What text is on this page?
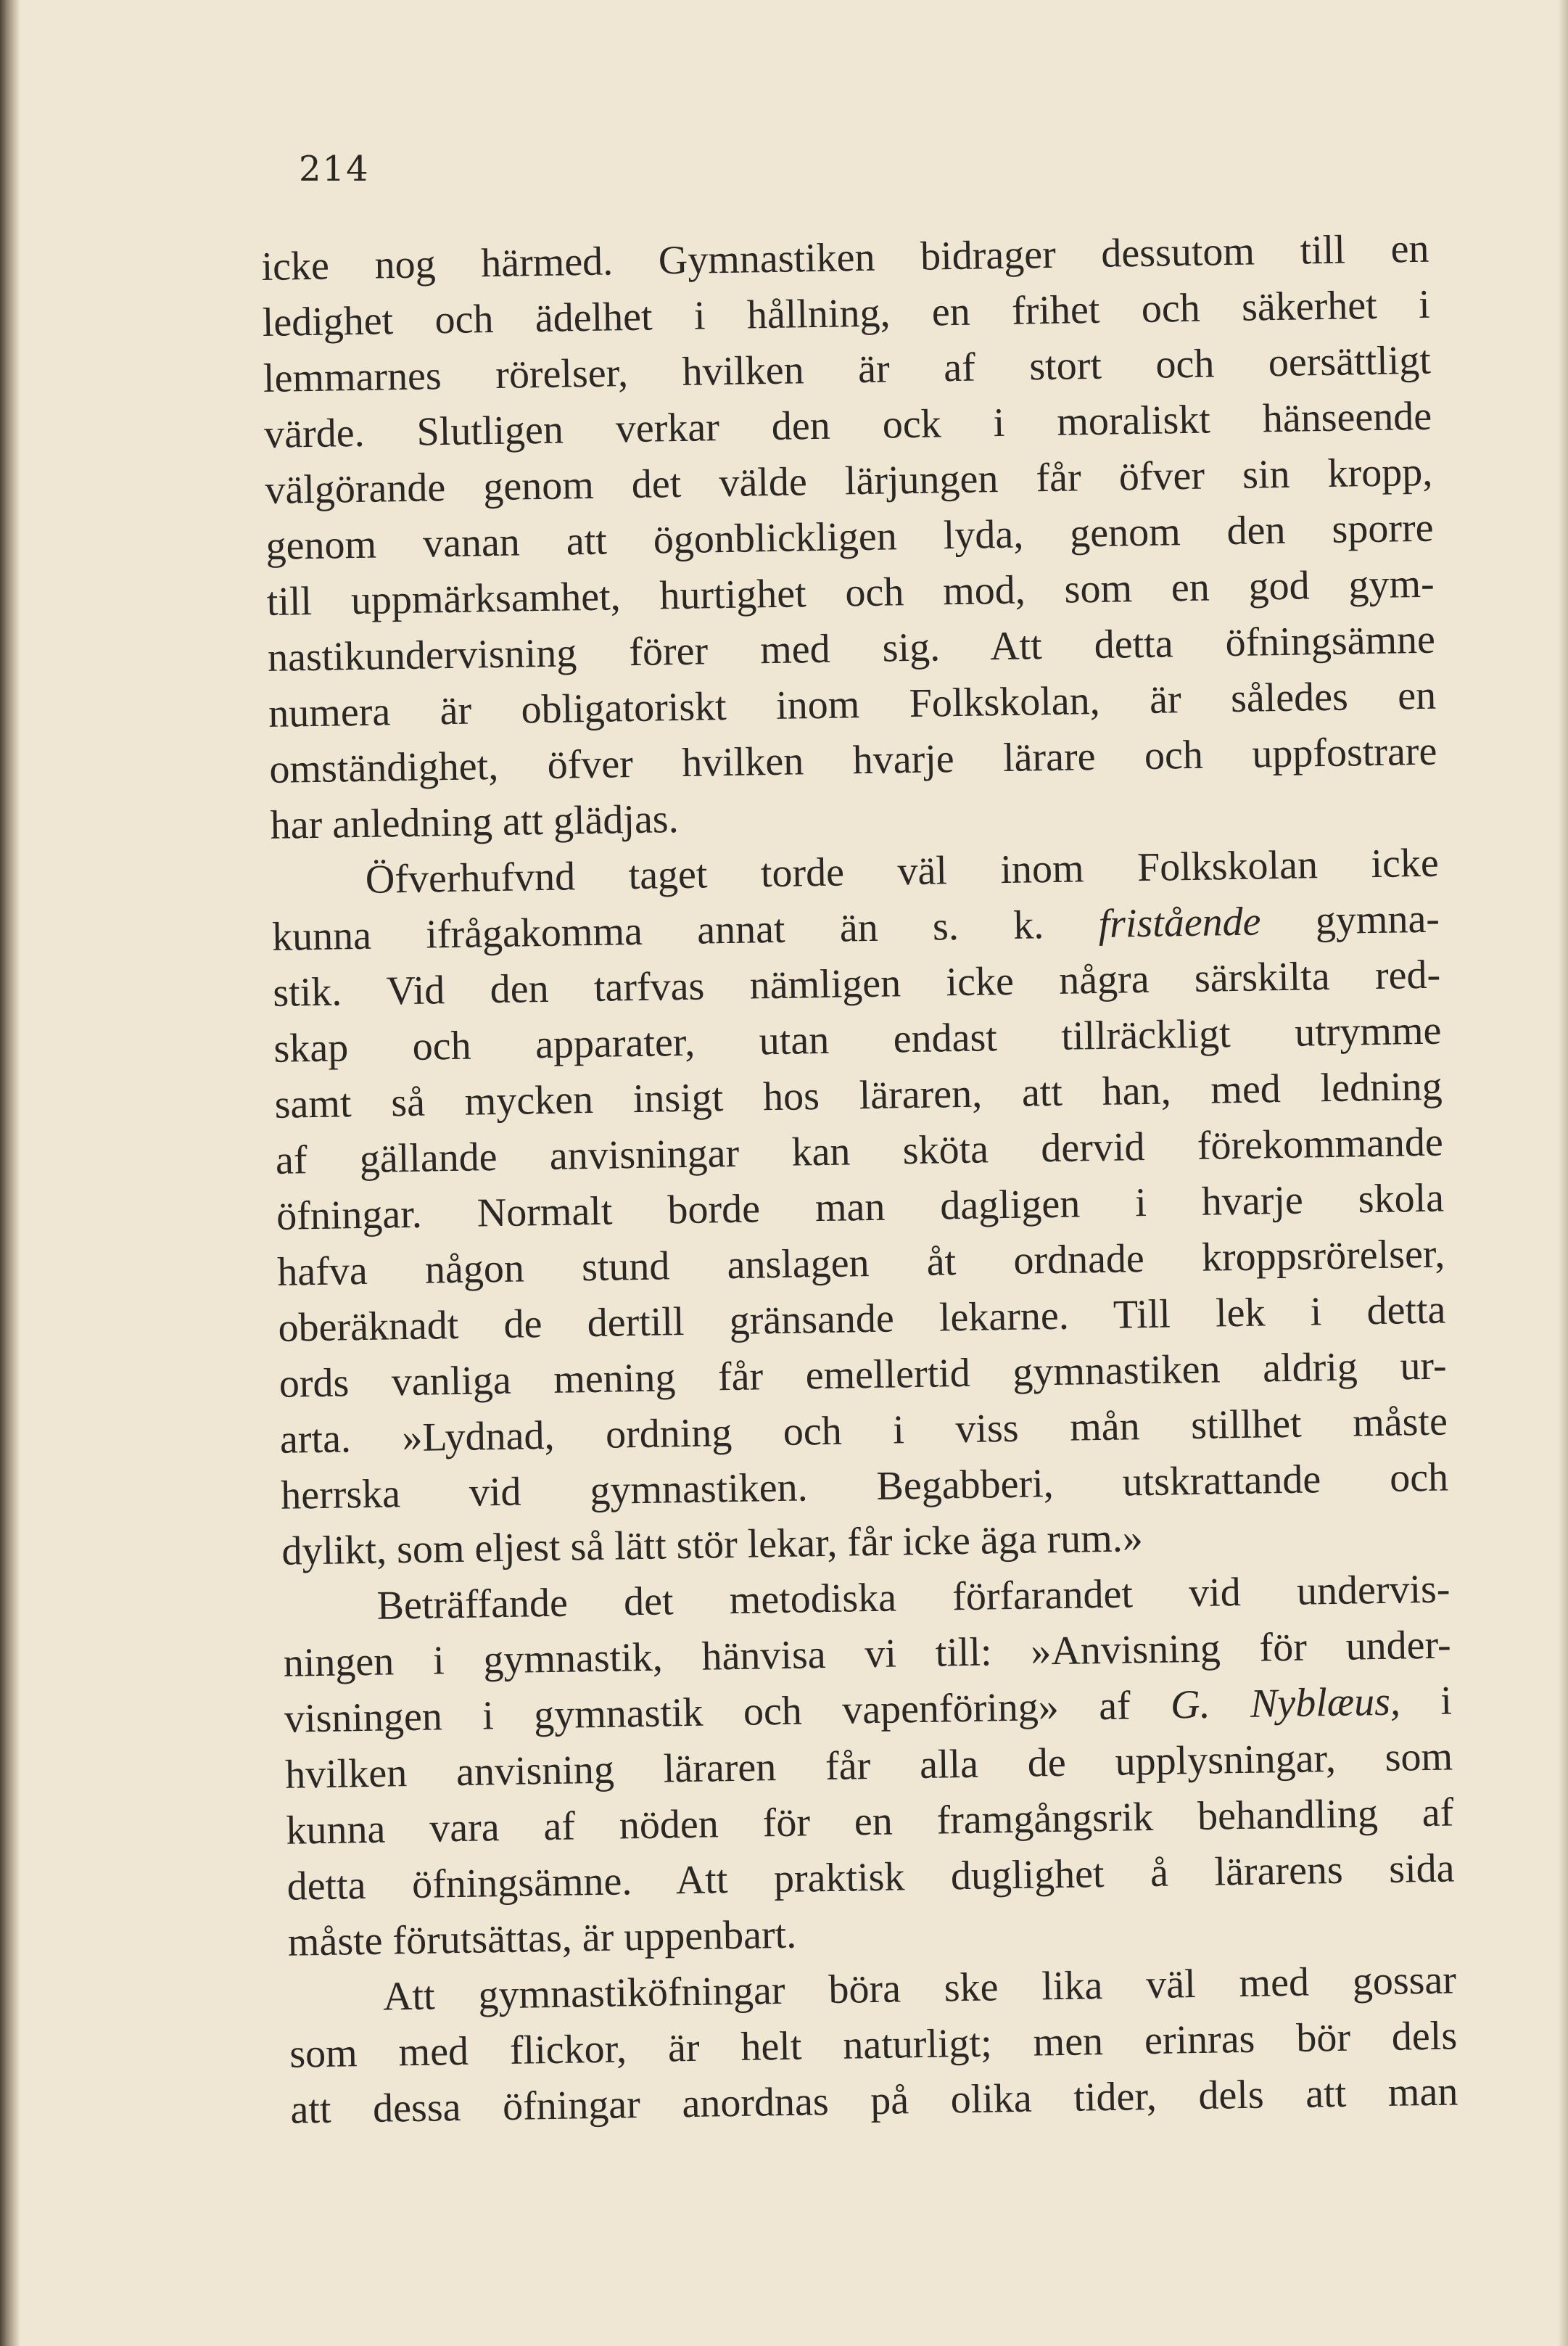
214
icke nog härmed. Gymnastiken bidrager dessutom till en
ledighet och ädelhet i hållning, en frihet och säkerhet i
lemmarnes rörelser, hvilken är af stort och oersättligt
värde. Slutligen verkar den ock i moraliskt hänseende
välgörande genom det välde lärjungen får öfver sin kropp,
genom vanan att ögonblickligen lyda, genom den sporre
till uppmärksamhet, hurtighet och mod, som en god gym-
nastikundervisning förer med sig. Att detta öfningsämne
numera är obligatoriskt inom Folkskolan, är således en
omständighet, öfver hvilken hvarje lärare och uppfostrare
har anledning att glädjas.
Öfverhufvnd taget torde väl inom Folkskolan icke
kunna ifrågakomma annat än s. k. fristående gymna-
stik. Vid den tarfvas nämligen icke några särskilta red-
skap och apparater, utan endast tillräckligt utrymme
samt så mycken insigt hos läraren, att han, med ledning
af gällande anvisningar kan sköta dervid förekommande
öfningar. Normalt borde man dagligen i hvarje skola
hafva någon stund anslagen åt ordnade kroppsrörelser,
oberäknadt de dertill gränsande lekarne. Till lek i detta
ords vanliga mening får emellertid gymnastiken aldrig ur-
arta. »Lydnad, ordning och i viss mån stillhet måste
herrska vid gymnastiken. Begabberi, utskrattande och
dylikt, som eljest så lätt stör lekar, får icke äga rum.»
Beträffande det metodiska förfarandet vid undervis-
ningen i gymnastik, hänvisa vi till: »Anvisning för under-
visningen i gymnastik och vapenföring» af G. Nyblæus, i
hvilken anvisning läraren får alla de upplysningar, som
kunna vara af nöden för en framgångsrik behandling af
detta öfningsämne. Att praktisk duglighet å lärarens sida
måste förutsättas, är uppenbart.
Att gymnastiköfningar böra ske lika väl med gossar
som med flickor, är helt naturligt; men erinras bör dels
att dessa öfningar anordnas på olika tider, dels att man
